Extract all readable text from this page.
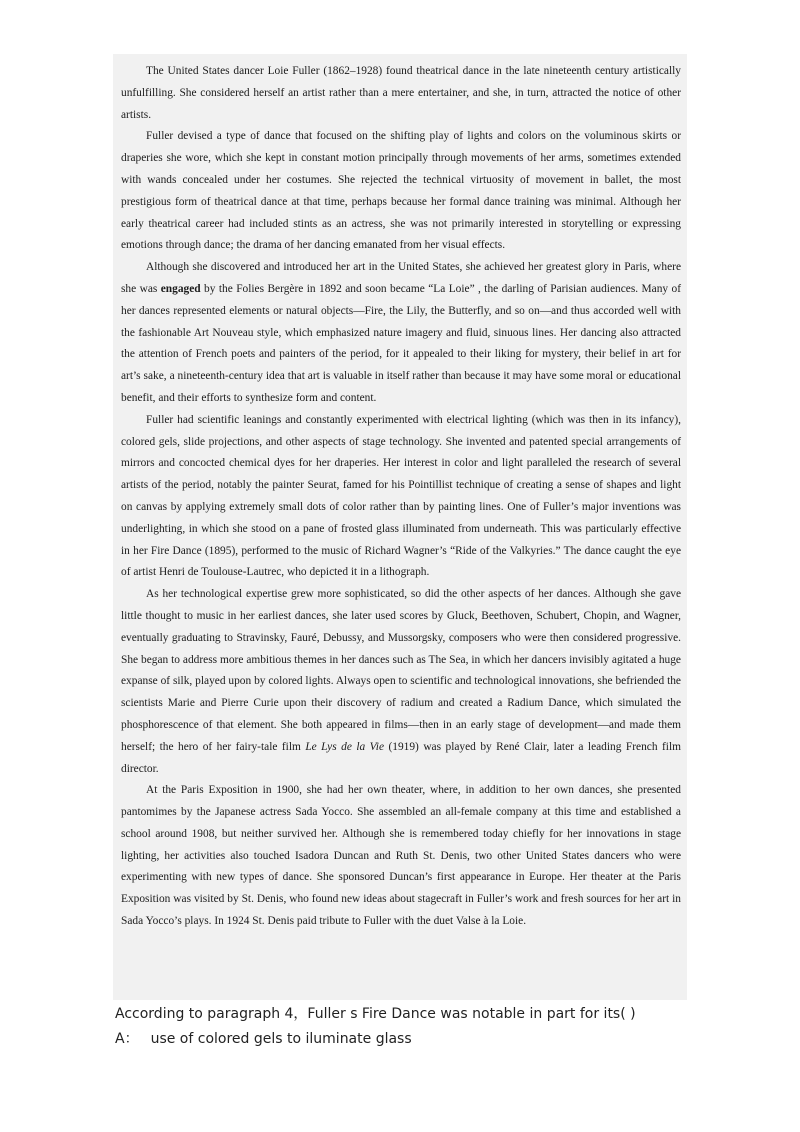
The United States dancer Loie Fuller (1862–1928) found theatrical dance in the late nineteenth century artistically unfulfilling. She considered herself an artist rather than a mere entertainer, and she, in turn, attracted the notice of other artists.

Fuller devised a type of dance that focused on the shifting play of lights and colors on the voluminous skirts or draperies she wore, which she kept in constant motion principally through movements of her arms, sometimes extended with wands concealed under her costumes. She rejected the technical virtuosity of movement in ballet, the most prestigious form of theatrical dance at that time, perhaps because her formal dance training was minimal. Although her early theatrical career had included stints as an actress, she was not primarily interested in storytelling or expressing emotions through dance; the drama of her dancing emanated from her visual effects.

Although she discovered and introduced her art in the United States, she achieved her greatest glory in Paris, where she was engaged by the Folies Bergère in 1892 and soon became “La Loie” , the darling of Parisian audiences. Many of her dances represented elements or natural objects—Fire, the Lily, the Butterfly, and so on—and thus accorded well with the fashionable Art Nouveau style, which emphasized nature imagery and fluid, sinuous lines. Her dancing also attracted the attention of French poets and painters of the period, for it appealed to their liking for mystery, their belief in art for art’s sake, a nineteenth-century idea that art is valuable in itself rather than because it may have some moral or educational benefit, and their efforts to synthesize form and content.

Fuller had scientific leanings and constantly experimented with electrical lighting (which was then in its infancy), colored gels, slide projections, and other aspects of stage technology. She invented and patented special arrangements of mirrors and concocted chemical dyes for her draperies. Her interest in color and light paralleled the research of several artists of the period, notably the painter Seurat, famed for his Pointillist technique of creating a sense of shapes and light on canvas by applying extremely small dots of color rather than by painting lines. One of Fuller’s major inventions was underlighting, in which she stood on a pane of frosted glass illuminated from underneath. This was particularly effective in her Fire Dance (1895), performed to the music of Richard Wagner’s “Ride of the Valkyries.” The dance caught the eye of artist Henri de Toulouse-Lautrec, who depicted it in a lithograph.

As her technological expertise grew more sophisticated, so did the other aspects of her dances. Although she gave little thought to music in her earliest dances, she later used scores by Gluck, Beethoven, Schubert, Chopin, and Wagner, eventually graduating to Stravinsky, Fauré, Debussy, and Mussorgsky, composers who were then considered progressive. She began to address more ambitious themes in her dances such as The Sea, in which her dancers invisibly agitated a huge expanse of silk, played upon by colored lights. Always open to scientific and technological innovations, she befriended the scientists Marie and Pierre Curie upon their discovery of radium and created a Radium Dance, which simulated the phosphorescence of that element. She both appeared in films—then in an early stage of development—and made them herself; the hero of her fairy-tale film Le Lys de la Vie (1919) was played by René Clair, later a leading French film director.

At the Paris Exposition in 1900, she had her own theater, where, in addition to her own dances, she presented pantomimes by the Japanese actress Sada Yocco. She assembled an all-female company at this time and established a school around 1908, but neither survived her. Although she is remembered today chiefly for her innovations in stage lighting, her activities also touched Isadora Duncan and Ruth St. Denis, two other United States dancers who were experimenting with new types of dance. She sponsored Duncan’s first appearance in Europe. Her theater at the Paris Exposition was visited by St. Denis, who found new ideas about stagecraft in Fuller’s work and fresh sources for her art in Sada Yocco’s plays. In 1924 St. Denis paid tribute to Fuller with the duet Valse à la Loie.

According to paragraph 4，Fuller s Fire Dance was notable in part for its( )
A： use of colored gels to iluminate glass
